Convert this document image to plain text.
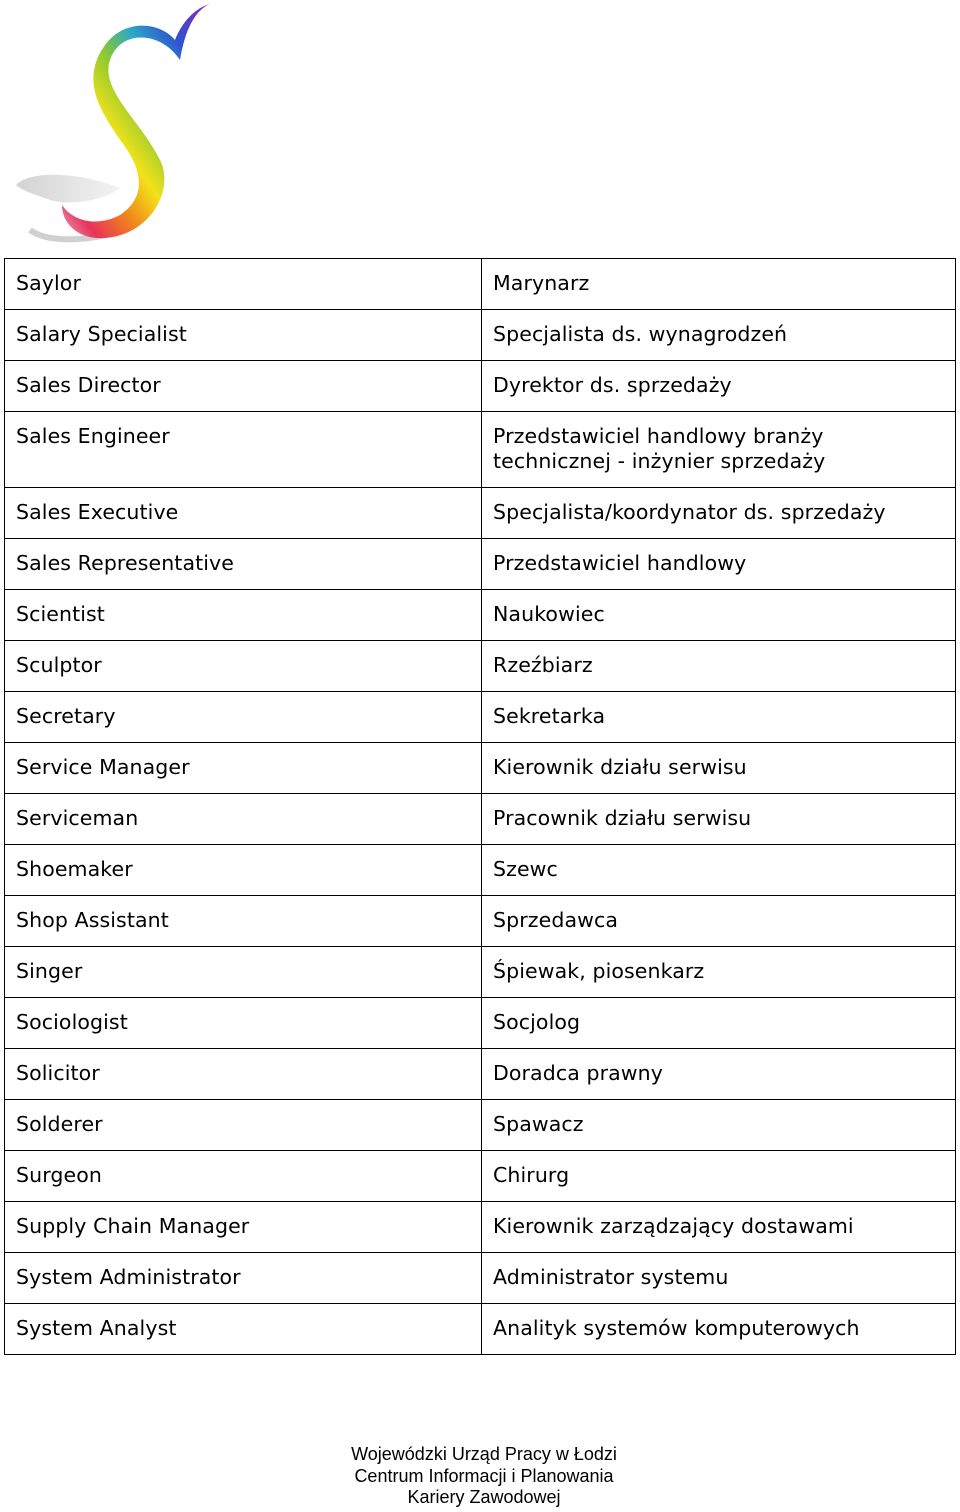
Saylor	Marynarz
Salary Specialist	Specjalista ds. wynagrodzeń
Sales Director	Dyrektor ds. sprzedaży
Sales Engineer	Przedstawiciel handlowy branży technicznej - inżynier sprzedaży
Sales Executive	Specjalista/koordynator ds. sprzedaży
Sales Representative	Przedstawiciel handlowy
Scientist	Naukowiec
Sculptor	Rzeźbiarz
Secretary	Sekretarka
Service Manager	Kierownik działu serwisu
Serviceman	Pracownik działu serwisu
Shoemaker	Szewc
Shop Assistant	Sprzedawca
Singer	Śpiewak, piosenkarz
Sociologist	Socjolog
Solicitor	Doradca prawny
Solderer	Spawacz
Surgeon	Chirurg
Supply Chain Manager	Kierownik zarządzający dostawami
System Administrator	Administrator systemu
System Analyst	Analityk systemów komputerowych
Wojewódzki Urząd Pracy w Łodzi
Centrum Informacji i Planowania
Kariery Zawodowej
